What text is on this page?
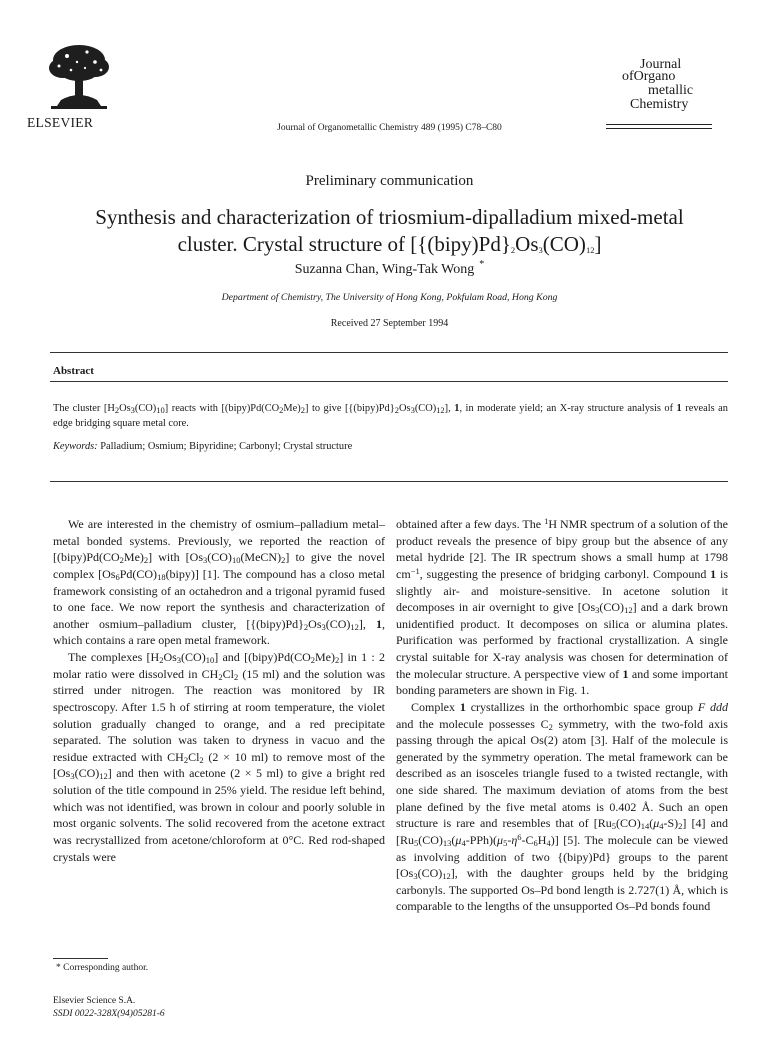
ELSEVIER	Journal of Organometallic Chemistry 489 (1995) C78–C80
Journal
ofOrgano
metallic
Chemistry
Preliminary communication
Synthesis and characterization of triosmium-dipalladium mixed-metal
cluster. Crystal structure of $[\{(bipy)Pd\}_2Os_3(CO)_{12}]$
Suzanna Chan, Wing-Tak Wong *
Department of Chemistry, The University of Hong Kong, Pokfulam Road, Hong Kong
Received 27 September 1994
Abstract
The cluster $[H_2Os_3(CO)_{10}]$ reacts with $[(bipy)Pd(CO_2Me)_2]$ to give $[\{(bipy)Pd\}_2Os_3(CO)_{12}]$, 1, in moderate yield; an X-ray structure analysis of 1 reveals an edge bridging square metal core.
Keywords: Palladium; Osmium; Bipyridine; Carbonyl; Crystal structure

We are interested in the chemistry of osmium–palladium metal–metal bonded systems. Previously, we reported the reaction of $[(bipy)Pd(CO_2Me)_2]$ with $[Os_3(CO)_{10}(MeCN)_2]$ to give the novel complex $[Os_6Pd(CO)_{18}(bipy)]$ [1]. The compound has a closo metal framework consisting of an octahedron and a trigonal pyramid fused to one face. We now report the synthesis and characterization of another osmium–palladium cluster, $[\{(bipy)Pd\}_2Os_3(CO)_{12}]$, 1, which contains a rare open metal framework.

The complexes $[H_2Os_3(CO)_{10}]$ and $[(bipy)Pd(CO_2Me)_2]$ in 1 : 2 molar ratio were dissolved in $CH_2Cl_2$ (15 ml) and the solution was stirred under nitrogen. The reaction was monitored by IR spectroscopy. After 1.5 h of stirring at room temperature, the violet solution gradually changed to orange, and a red precipitate separated. The solution was taken to dryness in vacuo and the residue extracted with $CH_2Cl_2$ (2 × 10 ml) to remove most of the $[Os_3(CO)_{12}]$ and then with acetone (2 × 5 ml) to give a bright red solution of the title compound in 25% yield. The residue left behind, which was not identified, was brown in colour and poorly soluble in most organic solvents. The solid recovered from the acetone extract was recrystallized from acetone/chloroform at 0°C. Red rod-shaped crystals were

obtained after a few days. The $^1$H NMR spectrum of a solution of the product reveals the presence of bipy group but the absence of any metal hydride [2]. The IR spectrum shows a small hump at 1798 $cm^{-1}$, suggesting the presence of bridging carbonyl. Compound 1 is slightly air- and moisture-sensitive. In acetone solution it decomposes in air overnight to give $[Os_3(CO)_{12}]$ and a dark brown unidentified product. It decomposes on silica or alumina plates. Purification was performed by fractional crystallization. A single crystal suitable for X-ray analysis was chosen for determination of the molecular structure. A perspective view of 1 and some important bonding parameters are shown in Fig. 1.

Complex 1 crystallizes in the orthorhombic space group F ddd and the molecule possesses $C_2$ symmetry, with the two-fold axis passing through the apical Os(2) atom [3]. Half of the molecule is generated by the symmetry operation. The metal framework can be described as an isosceles triangle fused to a twisted rectangle, with one side shared. The maximum deviation of atoms from the best plane defined by the five metal atoms is 0.402 Å. Such an open structure is rare and resembles that of $[Ru_5(CO)_{14}(\mu_4-S)_2]$ [4] and $[Ru_5(CO)_{13}(\mu_4-PPh)(\mu_5-\eta^6-C_6H_4)]$ [5]. The molecule can be viewed as involving addition of two {(bipy)Pd} groups to the parent $[Os_3(CO)_{12}]$, with the daughter groups held by the bridging carbonyls. The supported Os–Pd bond length is 2.727(1) Å, which is comparable to the lengths of the unsupported Os–Pd bonds found

* Corresponding author.
Elsevier Science S.A.
SSDI 0022-328X(94)05281-6
